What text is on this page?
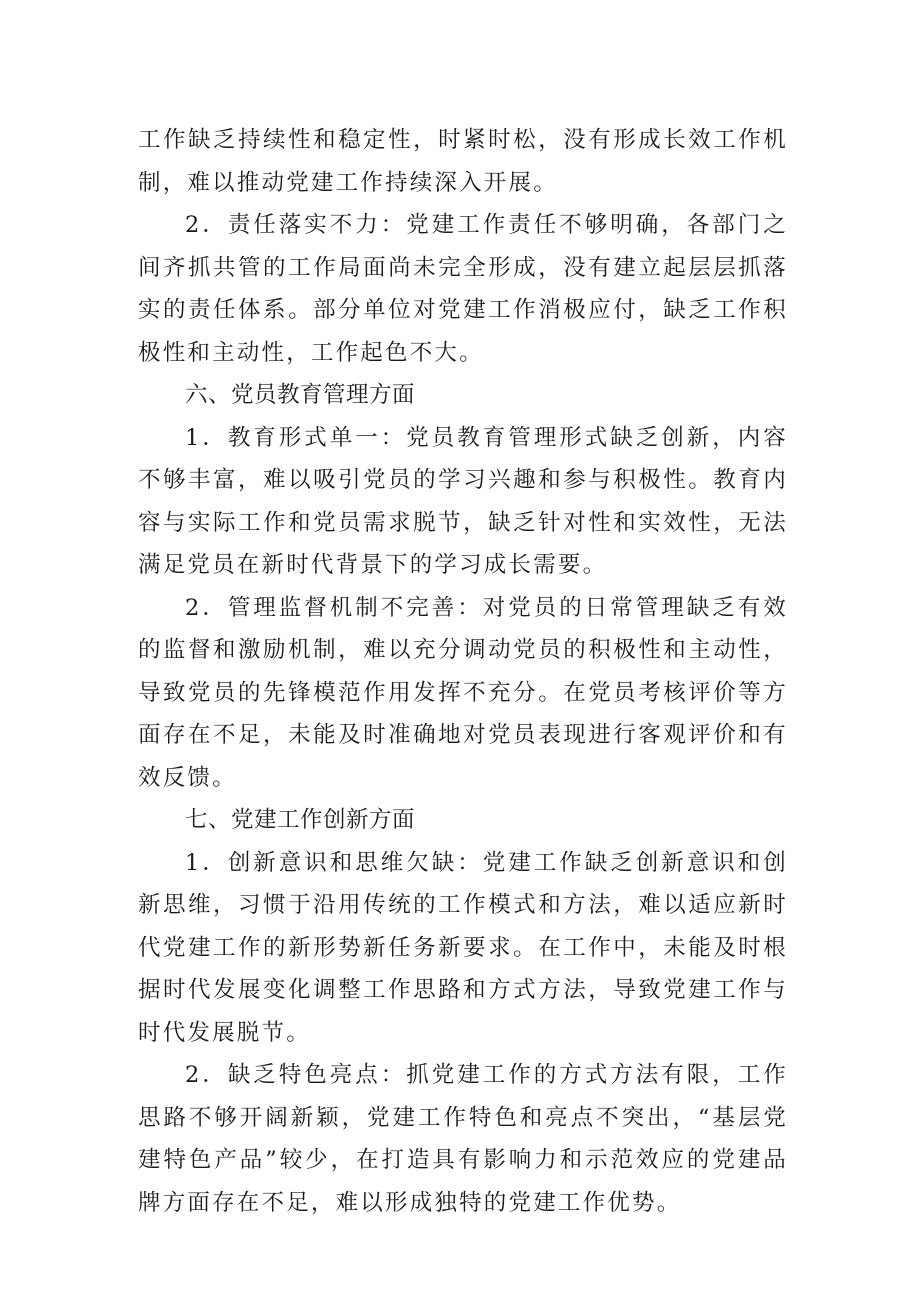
工作缺乏持续性和稳定性，时紧时松，没有形成长效工作机制，难以推动党建工作持续深入开展。

2．责任落实不力：党建工作责任不够明确，各部门之间齐抓共管的工作局面尚未完全形成，没有建立起层层抓落实的责任体系。部分单位对党建工作消极应付，缺乏工作积极性和主动性，工作起色不大。

六、党员教育管理方面

1．教育形式单一：党员教育管理形式缺乏创新，内容不够丰富，难以吸引党员的学习兴趣和参与积极性。教育内容与实际工作和党员需求脱节，缺乏针对性和实效性，无法满足党员在新时代背景下的学习成长需要。

2．管理监督机制不完善：对党员的日常管理缺乏有效的监督和激励机制，难以充分调动党员的积极性和主动性，导致党员的先锋模范作用发挥不充分。在党员考核评价等方面存在不足，未能及时准确地对党员表现进行客观评价和有效反馈。

七、党建工作创新方面

1．创新意识和思维欠缺：党建工作缺乏创新意识和创新思维，习惯于沿用传统的工作模式和方法，难以适应新时代党建工作的新形势新任务新要求。在工作中，未能及时根据时代发展变化调整工作思路和方式方法，导致党建工作与时代发展脱节。

2．缺乏特色亮点：抓党建工作的方式方法有限，工作思路不够开阔新颖，党建工作特色和亮点不突出，“基层党建特色产品”较少，在打造具有影响力和示范效应的党建品牌方面存在不足，难以形成独特的党建工作优势。
